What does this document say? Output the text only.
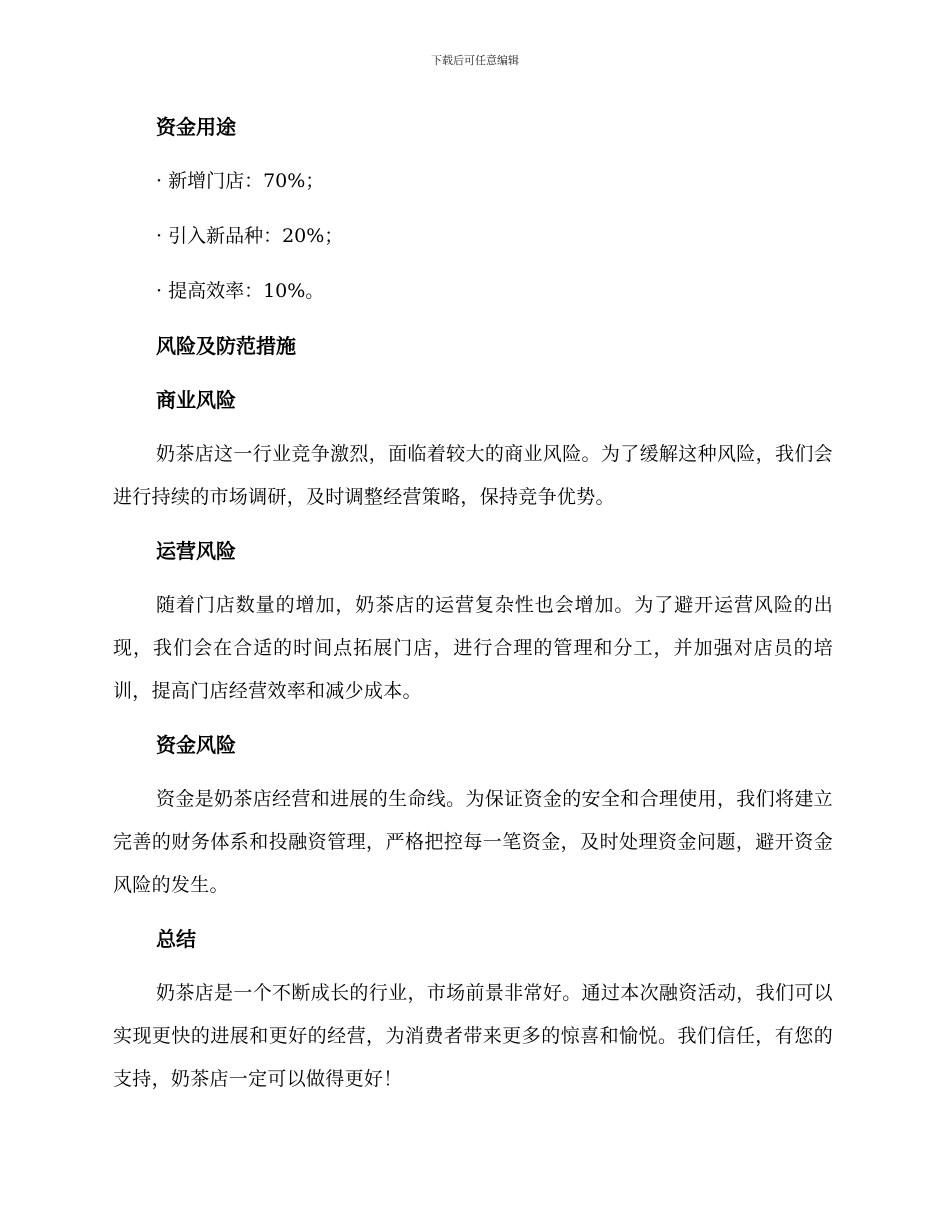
下载后可任意编辑
资金用途

· 新增门店：70%；

· 引入新品种：20%；

· 提高效率：10%。

风险及防范措施
商业风险

奶茶店这一行业竞争激烈，面临着较大的商业风险。为了缓解这种风险，我们会进行持续的市场调研，及时调整经营策略，保持竞争优势。

运营风险

随着门店数量的增加，奶茶店的运营复杂性也会增加。为了避开运营风险的出现，我们会在合适的时间点拓展门店，进行合理的管理和分工，并加强对店员的培训，提高门店经营效率和减少成本。

资金风险

资金是奶茶店经营和进展的生命线。为保证资金的安全和合理使用，我们将建立完善的财务体系和投融资管理，严格把控每一笔资金，及时处理资金问题，避开资金风险的发生。

总结

奶茶店是一个不断成长的行业，市场前景非常好。通过本次融资活动，我们可以实现更快的进展和更好的经营，为消费者带来更多的惊喜和愉悦。我们信任，有您的支持，奶茶店一定可以做得更好！
